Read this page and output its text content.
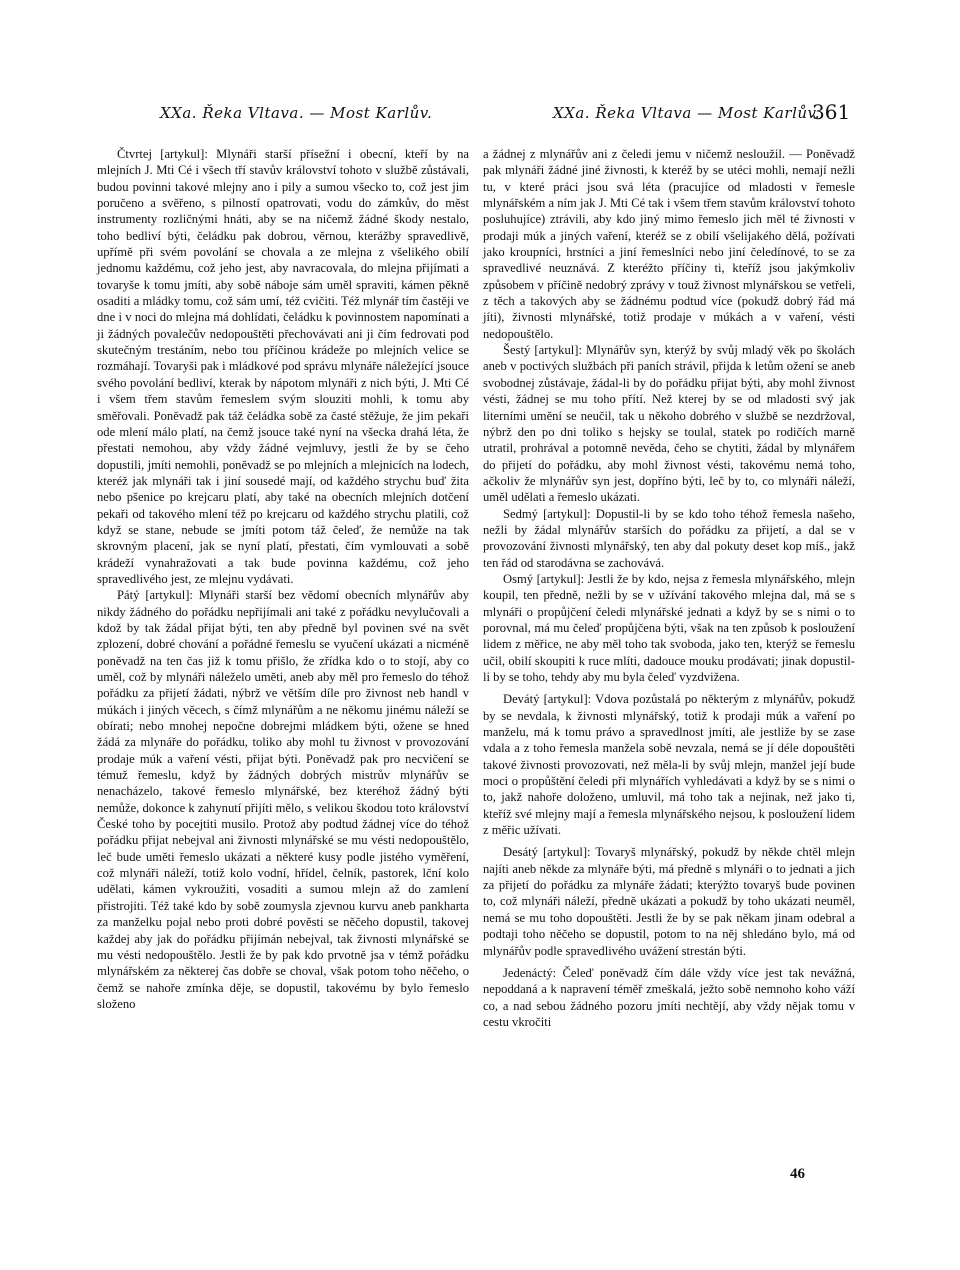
XXa. Řeka Vltava. — Most Karlův.	XXa. Řeka Vltava — Most Karlův.
361

Čtvrtej [artykul]: Mlynáři starší přísežní i obecní, kteří by na mlejních J. Mti Cé i všech tří stavův království tohoto v službě zůstávali, budou povinni takové mlejny ano i pily a sumou všecko to, což jest jim poručeno a svěřeno, s pilností opatrovati, vodu do zámkův, do měst instrumenty rozličnými hnáti, aby se na ničemž žádné škody nestalo, toho bedliví býti, čeládku pak dobrou, věrnou, kterážby spravedlivě, upřímě při svém povolání se chovala a ze mlejna z všelikého obilí jednomu každému, což jeho jest, aby navracovala, do mlejna přijímati a tovaryše k tomu jmíti, aby sobě náboje sám uměl spraviti, kámen pěkně osaditi a mládky tomu, což sám umí, též cvičiti. Též mlynář tím častěji ve dne i v noci do mlejna má dohlídati, čeládku k povinnostem napomínati a ji žádných povalečův nedopouštěti přechovávati ani ji čím fedrovati pod skutečným trestáním, nebo tou příčinou krádeže po mlejních velice se rozmáhají. Tovaryši pak i mládkové pod správu mlynáře náležející jsouce svého povolání bedliví, kterak by nápotom mlynáři z nich býti, J. Mti Cé i všem třem stavům řemeslem svým slouziti mohli, k tomu aby směřovali. Poněvadž pak táž čeládka sobě za časté stěžuje, že jim pekaři ode mlení málo platí, na čemž jsouce také nyní na všecka drahá léta, že přestati nemohou, aby vždy žádné vejmluvy, jestli že by se čeho dopustili, jmíti nemohli, poněvadž se po mlejních a mlejnicích na lodech, kteréž jak mlynáři tak i jiní sousedé mají, od každého strychu buď žita nebo pšenice po krejcaru platí, aby také na obecních mlejních dotčení pekaři od takového mlení též po krejcaru od každého strychu platili, což když se stane, nebude se jmíti potom táž čeleď, že nemůže na tak skrovným placení, jak se nyní platí, přestati, čím vymlouvati a sobě krádeží vynahražovati a tak bude povinna každému, což jeho spravedlivého jest, ze mlejnu vydávati.

Pátý [artykul]: Mlynáři starší bez vědomí obecních mlynářův aby nikdy žádného do pořádku nepřijímali ani také z pořádku nevylučovali a kdož by tak žádal přijat býti, ten aby předně byl povinen své na svět zplození, dobré chování a pořádné řemeslu se vyučení ukázati a nicméně poněvadž na ten čas již k tomu přišlo, že zřídka kdo o to stojí, aby co uměl, což by mlynáři náleželo uměti, aneb aby měl pro řemeslo do téhož pořádku za přijetí žádati, nýbrž ve větším díle pro živnost neb handl v múkách i jiných věcech, s čímž mlynářům a ne někomu jinému náleží se obírati; nebo mnohej nepočne dobrejmi mládkem býti, ožene se hned žádá za mlynáře do pořádku, toliko aby mohl tu živnost v provozování prodaje múk a vaření vésti, přijat býti. Poněvadž pak pro necvičení se témuž řemeslu, když by žádných dobrých mistrův mlynářův se nenacházelo, takové řemeslo mlynářské, bez kteréhož žádný býti nemůže, dokonce k zahynutí přijíti mělo, s velikou škodou toto království České toho by pocejtiti musilo. Protož aby podtud žádnej více do téhož pořádku přijat nebejval ani živnosti mlynářské se mu vésti nedopouštělo, leč bude uměti řemeslo ukázati a některé kusy podle jistého vyměření, což mlynáři náleží, totiž kolo vodní, hřídel, čelník, pastorek, lční kolo udělati, kámen vykroužiti, vosaditi a sumou mlejn až do zamlení přistrojiti. Též také kdo by sobě zoumysla zjevnou kurvu aneb pankharta za manželku pojal nebo proti dobré pověsti se něčeho dopustil, takovej každej aby jak do pořádku přijímán nebejval, tak živnosti mlynářské se mu vésti nedopouštělo. Jestli že by pak kdo prvotně jsa v témž pořádku mlynářském za některej čas dobře se choval, však potom toho něčeho, o čemž se nahoře zmínka děje, se dopustil, takovému by bylo řemeslo složeno

a žádnej z mlynářův ani z čeledi jemu v ničemž nesloužil. — Poněvadž pak mlynáři žádné jiné živnosti, k kteréž by se utéci mohli, nemají nežli tu, v které práci jsou svá léta (pracujíce od mladosti v řemesle mlynářském a ním jak J. Mti Cé tak i všem třem stavům království tohoto posluhujíce) ztrávili, aby kdo jiný mimo řemeslo jich měl té živnosti v prodaji múk a jiných vaření, kteréž se z obilí všelijakého dělá, požívati jako kroupníci, hrstníci a jiní řemeslníci nebo jiní čeledínové, to se za spravedlivé neuznává. Z kteréžto příčiny ti, kteříž jsou jakýmkoliv způsobem v příčině nedobrý zprávy v touž živnost mlynářskou se vetřeli, z těch a takových aby se žádnému podtud více (pokudž dobrý řád má jíti), živnosti mlynářské, totiž prodaje v múkách a v vaření, vésti nedopouštělo.

Šestý [artykul]: Mlynářův syn, kterýž by svůj mladý věk po školách aneb v poctivých službách při paních strávil, přijda k letům ožení se aneb svobodnej zůstávaje, žádal-li by do pořádku přijat býti, aby mohl živnost vésti, žádnej se mu toho přítí. Než kterej by se od mladosti svý jak literními umění se neučil, tak u někoho dobrého v službě se nezdržoval, nýbrž den po dni toliko s hejsky se toulal, statek po rodičích marně utratil, prohrával a potomně nevěda, čeho se chytiti, žádal by mlynářem do přijetí do pořádku, aby mohl živnost vésti, takovému nemá toho, ačkoliv že mlynářův syn jest, dopříno býti, leč by to, co mlynáři náleží, uměl udělati a řemeslo ukázati.

Sedmý [artykul]: Dopustil-li by se kdo toho téhož řemesla našeho, nežli by žádal mlynářův starších do pořádku za přijetí, a dal se v provozování živnosti mlynářský, ten aby dal pokuty deset kop míš., jakž ten řád od starodávna se zachovává.

Osmý [artykul]: Jestli že by kdo, nejsa z řemesla mlynářského, mlejn koupil, ten předně, nežli by se v užívání takového mlejna dal, má se s mlynáři o propůjčení čeledi mlynářské jednati a když by se s nimi o to porovnal, má mu čeleď propůjčena býti, však na ten způsob k posloužení lidem z měřice, ne aby měl toho tak svoboda, jako ten, kterýž se řemeslu učil, obilí skoupiti k ruce mlíti, dadouce mouku prodávati; jinak dopustil-li by se toho, tehdy aby mu byla čeleď vyzdvižena.

Devátý [artykul]: Vdova pozůstalá po některým z mlynářův, pokudž by se nevdala, k živnosti mlynářský, totiž k prodaji múk a vaření po manželu, má k tomu právo a spravedlnost jmíti, ale jestliže by se zase vdala a z toho řemesla manžela sobě nevzala, nemá se jí déle dopouštěti takové živnosti provozovati, než měla-li by svůj mlejn, manžel její bude moci o propůštění čeledi při mlynářích vyhledávati a když by se s nimi o to, jakž nahoře doloženo, umluvil, má toho tak a nejinak, než jako ti, kteříž své mlejny mají a řemesla mlynářského nejsou, k posloužení lidem z měřic užívati.

Desátý [artykul]: Tovaryš mlynářský, pokudž by někde chtěl mlejn najíti aneb někde za mlynáře býti, má předně s mlynáři o to jednati a jich za přijetí do pořádku za mlynáře žádati; kterýžto tovaryš bude povinen to, což mlynáři náleží, předně ukázati a pokudž by toho ukázati neuměl, nemá se mu toho dopouštěti. Jestli že by se pak někam jinam odebral a podtaji toho něčeho se dopustil, potom to na něj shledáno bylo, má od mlynářův podle spravedlivého uvážení strestán býti.

Jedenáctý: Čeleď poněvadž čím dále vždy více jest tak nevážná, nepoddaná a k napravení téměř zmeškalá, ježto sobě nemnoho koho váží co, a nad sebou žádného pozoru jmíti nechtějí, aby vždy nějak tomu v cestu vkročiti

46
